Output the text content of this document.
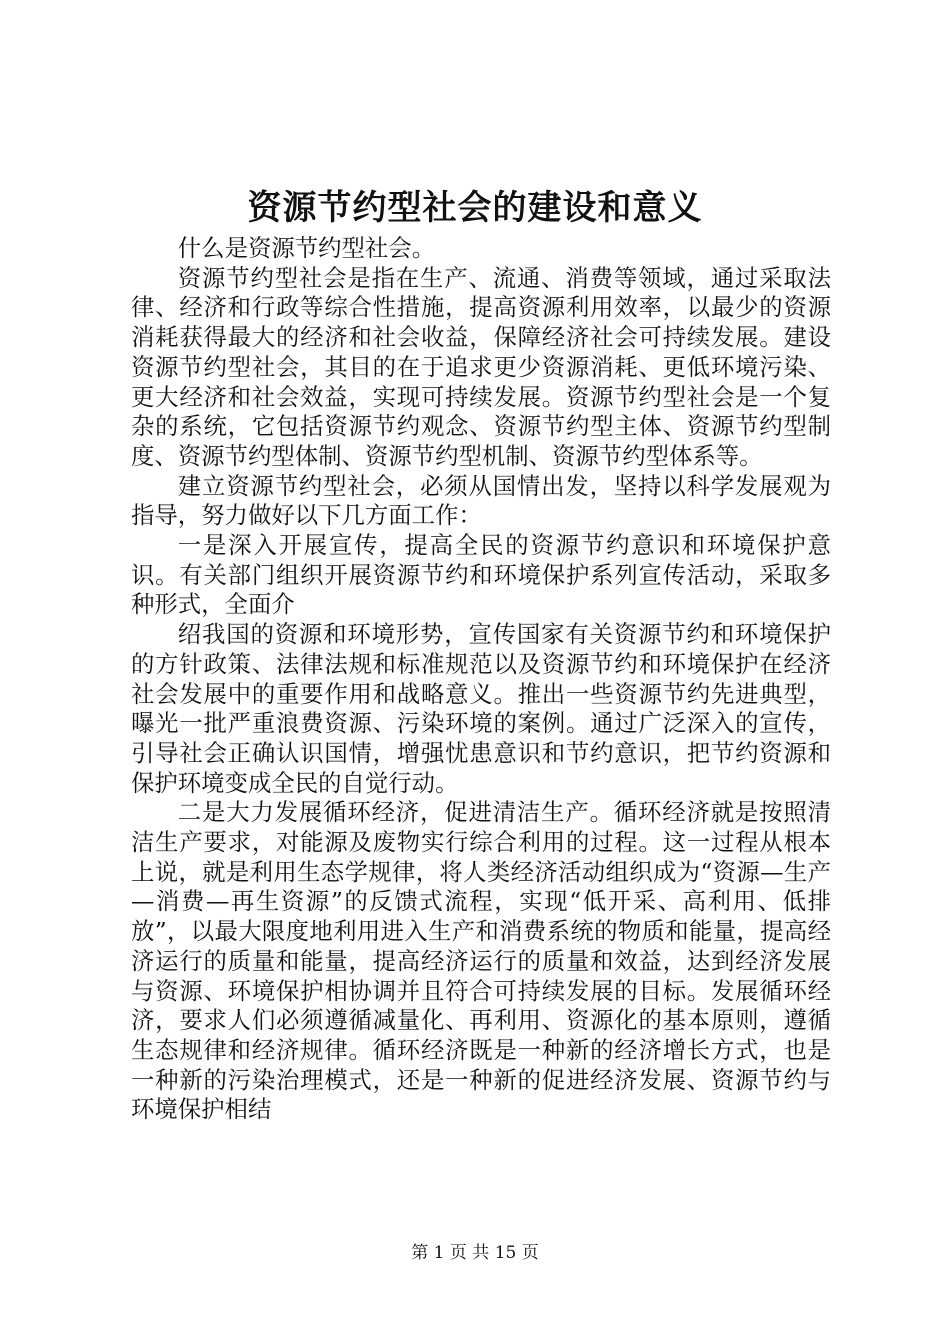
资源节约型社会的建设和意义

什么是资源节约型社会。

资源节约型社会是指在生产、流通、消费等领域，通过采取法律、经济和行政等综合性措施，提高资源利用效率，以最少的资源消耗获得最大的经济和社会收益，保障经济社会可持续发展。建设资源节约型社会，其目的在于追求更少资源消耗、更低环境污染、更大经济和社会效益，实现可持续发展。资源节约型社会是一个复杂的系统，它包括资源节约观念、资源节约型主体、资源节约型制度、资源节约型体制、资源节约型机制、资源节约型体系等。

建立资源节约型社会，必须从国情出发，坚持以科学发展观为指导，努力做好以下几方面工作：

一是深入开展宣传，提高全民的资源节约意识和环境保护意识。有关部门组织开展资源节约和环境保护系列宣传活动，采取多种形式，全面介

绍我国的资源和环境形势，宣传国家有关资源节约和环境保护的方针政策、法律法规和标准规范以及资源节约和环境保护在经济社会发展中的重要作用和战略意义。推出一些资源节约先进典型，曝光一批严重浪费资源、污染环境的案例。通过广泛深入的宣传，引导社会正确认识国情，增强忧患意识和节约意识，把节约资源和保护环境变成全民的自觉行动。

二是大力发展循环经济，促进清洁生产。循环经济就是按照清洁生产要求，对能源及废物实行综合利用的过程。这一过程从根本上说，就是利用生态学规律，将人类经济活动组织成为“资源—生产—消费—再生资源”的反馈式流程，实现“低开采、高利用、低排放”，以最大限度地利用进入生产和消费系统的物质和能量，提高经济运行的质量和能量，提高经济运行的质量和效益，达到经济发展与资源、环境保护相协调并且符合可持续发展的目标。发展循环经济，要求人们必须遵循减量化、再利用、资源化的基本原则，遵循生态规律和经济规律。循环经济既是一种新的经济增长方式，也是一种新的污染治理模式，还是一种新的促进经济发展、资源节约与环境保护相结

第 1 页 共 15 页
